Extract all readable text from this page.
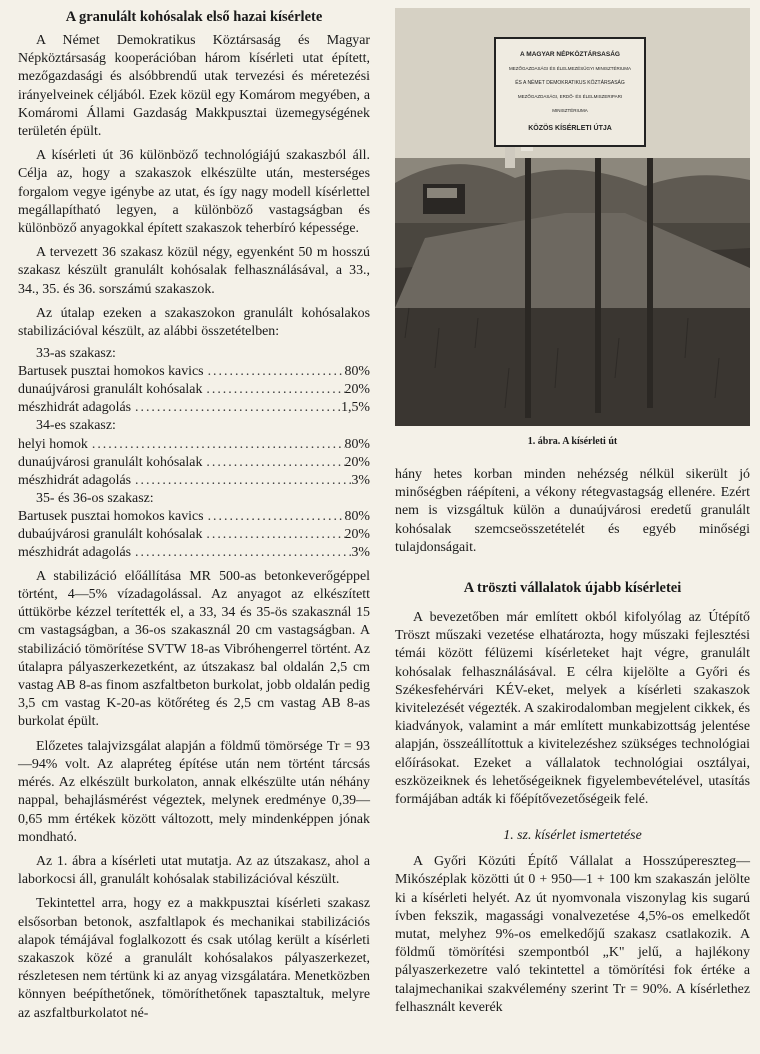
A granulált kohósalak első hazai kísérlete

A Német Demokratikus Köztársaság és Magyar Népköztársaság kooperációban három kísérleti utat épített, mezőgazdasági és alsóbbrendű utak tervezési és méretezési irányelveinek céljából. Ezek közül egy Komárom megyében, a Komáromi Állami Gazdaság Makkpusztai üzemegységének területén épült.

A kísérleti út 36 különböző technológiájú szakaszból áll. Célja az, hogy a szakaszok elkészülte után, mesterséges forgalom vegye igénybe az utat, és így nagy modell kísérlettel megállapítható legyen, a különböző vastagságban és különböző anyagokkal épített szakaszok teherbíró képessége.

A tervezett 36 szakasz közül négy, egyenként 50 m hosszú szakasz készült granulált kohósalak felhasználásával, a 33., 34., 35. és 36. sorszámú szakaszok.

Az útalap ezeken a szakaszokon granulált kohósalakos stabilizációval készült, az alábbi összetételben:

33-as szakasz:

Bartusek pusztai homokos kavics .....	80%
dunaújvárosi granulált kohósalak .....	20%
mészhidrát adagolás .....	1,5%

34-es szakasz:

helyi homok .....	80%
dunaújvárosi granulált kohósalak .....	20%
mészhidrát adagolás .....	3%

35- és 36-os szakasz:

Bartusek pusztai homokos kavics .....	80%
dubaújvárosi granulált kohósalak .....	20%
mészhidrát adagolás .....	3%

A stabilizáció előállítása MR 500-as betonkeverőgéppel történt, 4—5% vízadagolással. Az anyagot az elkészített úttükörbe kézzel terítették el, a 33, 34 és 35-ös szakasznál 15 cm vastagságban, a 36-os szakasznál 20 cm vastagságban. A stabilizáció tömörítése SVTW 18-as Vibróhengerrel történt. Az útalapra pályaszerkezetként, az útszakasz bal oldalán 2,5 cm vastag AB 8-as finom aszfaltbeton burkolat, jobb oldalán pedig 3,5 cm vastag K-20-as kötőréteg és 2,5 cm vastag AB 8-as burkolat épült.

Előzetes talajvizsgálat alapján a földmű tömörsége Tr = 93—94% volt. Az alapréteg építése után nem történt tárcsás mérés. Az elkészült burkolaton, annak elkészülte után néhány nappal, behajlásmérést végeztek, melynek eredménye 0,39—0,65 mm értékek között változott, mely mindenképpen jónak mondható.

Az 1. ábra a kísérleti utat mutatja. Az az útszakasz, ahol a laborkocsi áll, granulált kohósalak stabilizációval készült.

Tekintettel arra, hogy ez a makkpusztai kísérleti szakasz elsősorban betonok, aszfaltlapok és mechanikai stabilizációs alapok témájával foglalkozott és csak utólag került a kísérleti szakaszok közé a granulált kohósalakos pályaszerkezet, részletesen nem tértünk ki az anyag vizsgálatára. Menetközben könnyen beépíthetőnek, tömöríthetőnek tapasztaltuk, melyre az aszfaltburkolatot né-

A MAGYAR NÉPKÖZTÁRSASÁG
MEZŐGAZDASÁGI ÉS ÉLELMEZÉSÜGYI MINISZTÉRIUMA
ÉS A NÉMET DEMOKRATIKUS KÖZTÁRSASÁG
MEZŐGAZDASÁGI, ERDŐ- ÉS ÉLELMISZERIPARI
MINISZTÉRIUMA
KÖZÖS KÍSÉRLETI ÚTJA
1. ábra. A kísérleti út

hány hetes korban minden nehézség nélkül sikerült jó minőségben ráépíteni, a vékony rétegvastagság ellenére. Ezért nem is vizsgáltuk külön a dunaújvárosi eredetű granulált kohósalak szemcseösszetételét és egyéb minőségi tulajdonságait.

A tröszti vállalatok újabb kísérletei

A bevezetőben már említett okból kifolyólag az Útépítő Tröszt műszaki vezetése elhatározta, hogy műszaki fejlesztési témái között félüzemi kísérleteket hajt végre, granulált kohósalak felhasználásával. E célra kijelölte a Győri és Székesfehérvári KÉV-eket, melyek a kísérleti szakaszok kivitelezését végezték. A szakirodalomban megjelent cikkek, és kiadványok, valamint a már említett munkabizottság jelentése alapján, összeállítottuk a kivitelezéshez szükséges technológiai előírásokat. Ezeket a vállalatok technológiai osztályai, eszközeiknek és lehetőségeiknek figyelembevételével, utasítás formájában adták ki főépítővezetőségeik felé.

1. sz. kísérlet ismertetése

A Győri Közúti Építő Vállalat a Hosszúpereszteg—Mikószéplak közötti út 0 + 950—1 + 100 km szakaszán jelölte ki a kísérleti helyét. Az út nyomvonala viszonylag kis sugarú ívben fekszik, magassági vonalvezetése 4,5%-os emelkedőt mutat, melyhez 9%-os emelkedőjű szakasz csatlakozik. A földmű tömörítési szempontból „K" jelű, a hajlékony pályaszerkezetre való tekintettel a tömörítési fok értéke a talajmechanikai szakvélemény szerint Tr = 90%. A kísérlethez felhasznált keverék
